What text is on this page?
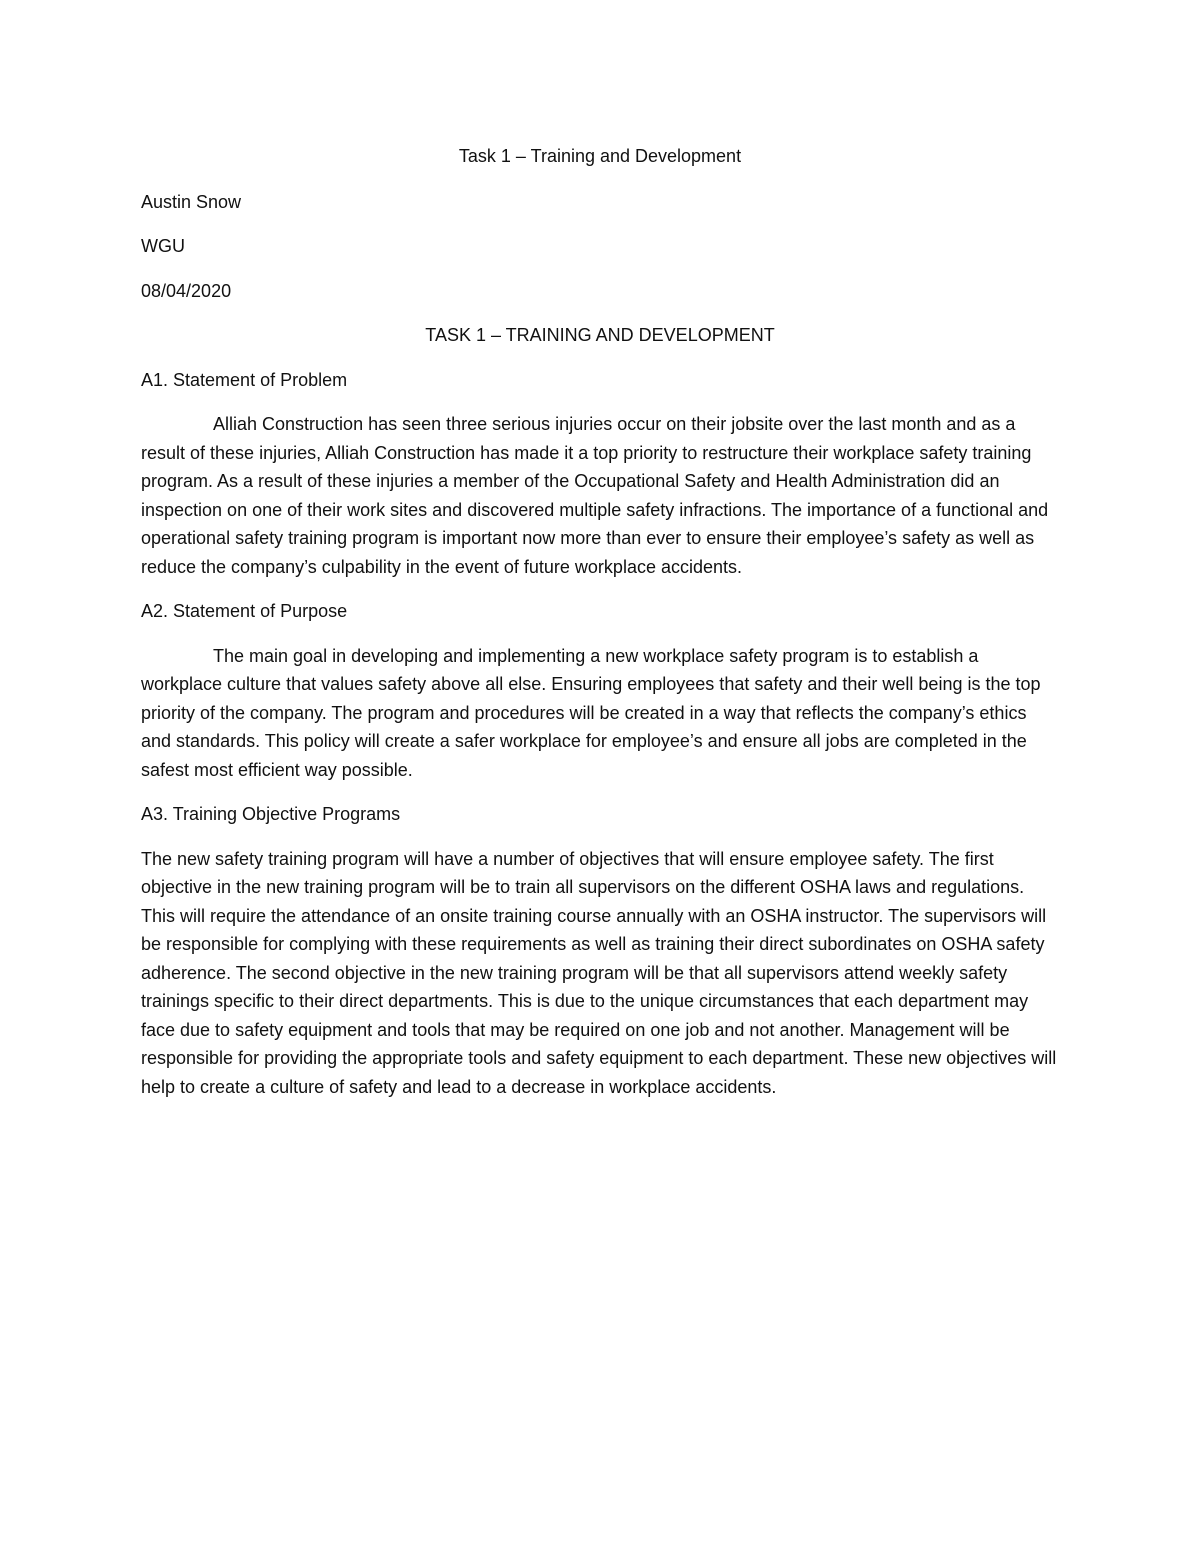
Task 1 – Training and Development
Austin Snow
WGU
08/04/2020
TASK 1 – TRAINING AND DEVELOPMENT
A1. Statement of Problem

Alliah Construction has seen three serious injuries occur on their jobsite over the last month and as a result of these injuries, Alliah Construction has made it a top priority to restructure their workplace safety training program. As a result of these injuries a member of the Occupational Safety and Health Administration did an inspection on one of their work sites and discovered multiple safety infractions. The importance of a functional and operational safety training program is important now more than ever to ensure their employee’s safety as well as reduce the company’s culpability in the event of future workplace accidents.

A2. Statement of Purpose

The main goal in developing and implementing a new workplace safety program is to establish a workplace culture that values safety above all else. Ensuring employees that safety and their well being is the top priority of the company. The program and procedures will be created in a way that reflects the company’s ethics and standards. This policy will create a safer workplace for employee’s and ensure all jobs are completed in the safest most efficient way possible.

A3. Training Objective Programs

The new safety training program will have a number of objectives that will ensure employee safety. The first objective in the new training program will be to train all supervisors on the different OSHA laws and regulations. This will require the attendance of an onsite training course annually with an OSHA instructor. The supervisors will be responsible for complying with these requirements as well as training their direct subordinates on OSHA safety adherence. The second objective in the new training program will be that all supervisors attend weekly safety trainings specific to their direct departments. This is due to the unique circumstances that each department may face due to safety equipment and tools that may be required on one job and not another. Management will be responsible for providing the appropriate tools and safety equipment to each department. These new objectives will help to create a culture of safety and lead to a decrease in workplace accidents.
